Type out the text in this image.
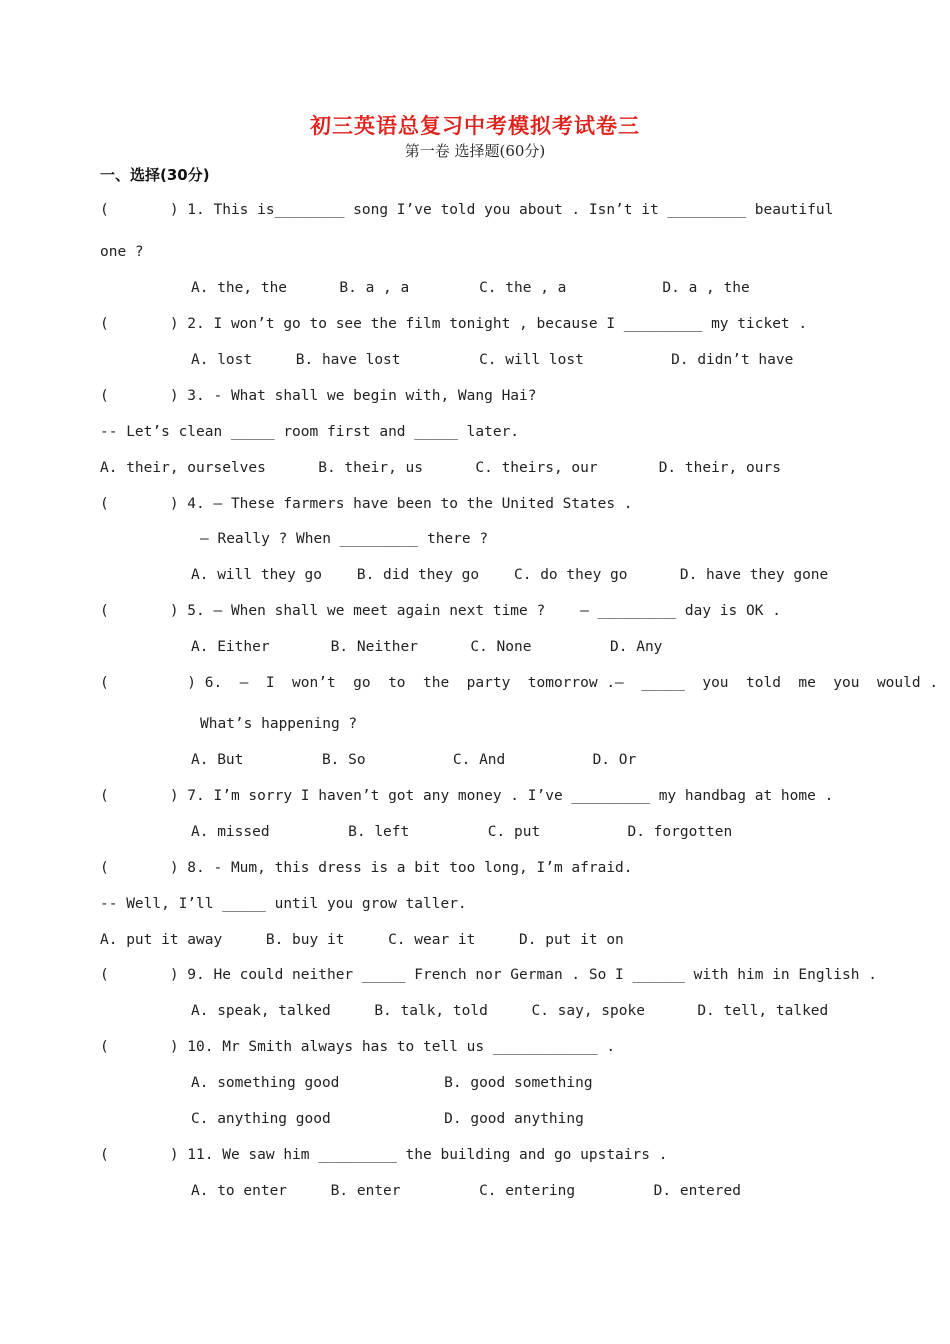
初三英语总复习中考模拟考试卷三
第一卷 选择题(60分)
一、选择(30分)
(       ) 1. This is________ song I’ve told you about . Isn’t it _________ beautiful
one ?
A. the, the      B. a , a        C. the , a           D. a , the
(       ) 2. I won’t go to see the film tonight , because I _________ my ticket .
A. lost     B. have lost         C. will lost          D. didn’t have
(       ) 3. - What shall we begin with, Wang Hai?
-- Let’s clean _____ room first and _____ later.
A. their, ourselves      B. their, us      C. theirs, our       D. their, ours
(       ) 4. — These farmers have been to the United States .
— Really ? When _________ there ?
A. will they go    B. did they go    C. do they go      D. have they gone
(       ) 5. — When shall we meet again next time ?    — _________ day is OK .
A. Either       B. Neither      C. None         D. Any
(         ) 6.  —  I  won’t  go  to  the  party  tomorrow .—  _____  you  told  me  you  would .
What’s happening ?
A. But         B. So          C. And          D. Or
(       ) 7. I’m sorry I haven’t got any money . I’ve _________ my handbag at home .
A. missed         B. left         C. put          D. forgotten
(       ) 8. - Mum, this dress is a bit too long, I’m afraid.
-- Well, I’ll _____ until you grow taller.
A. put it away     B. buy it     C. wear it     D. put it on
(       ) 9. He could neither _____ French nor German . So I ______ with him in English .
A. speak, talked     B. talk, told     C. say, spoke      D. tell, talked
(       ) 10. Mr Smith always has to tell us ____________ .
A. something good            B. good something
C. anything good             D. good anything
(       ) 11. We saw him _________ the building and go upstairs .
A. to enter     B. enter         C. entering         D. entered
